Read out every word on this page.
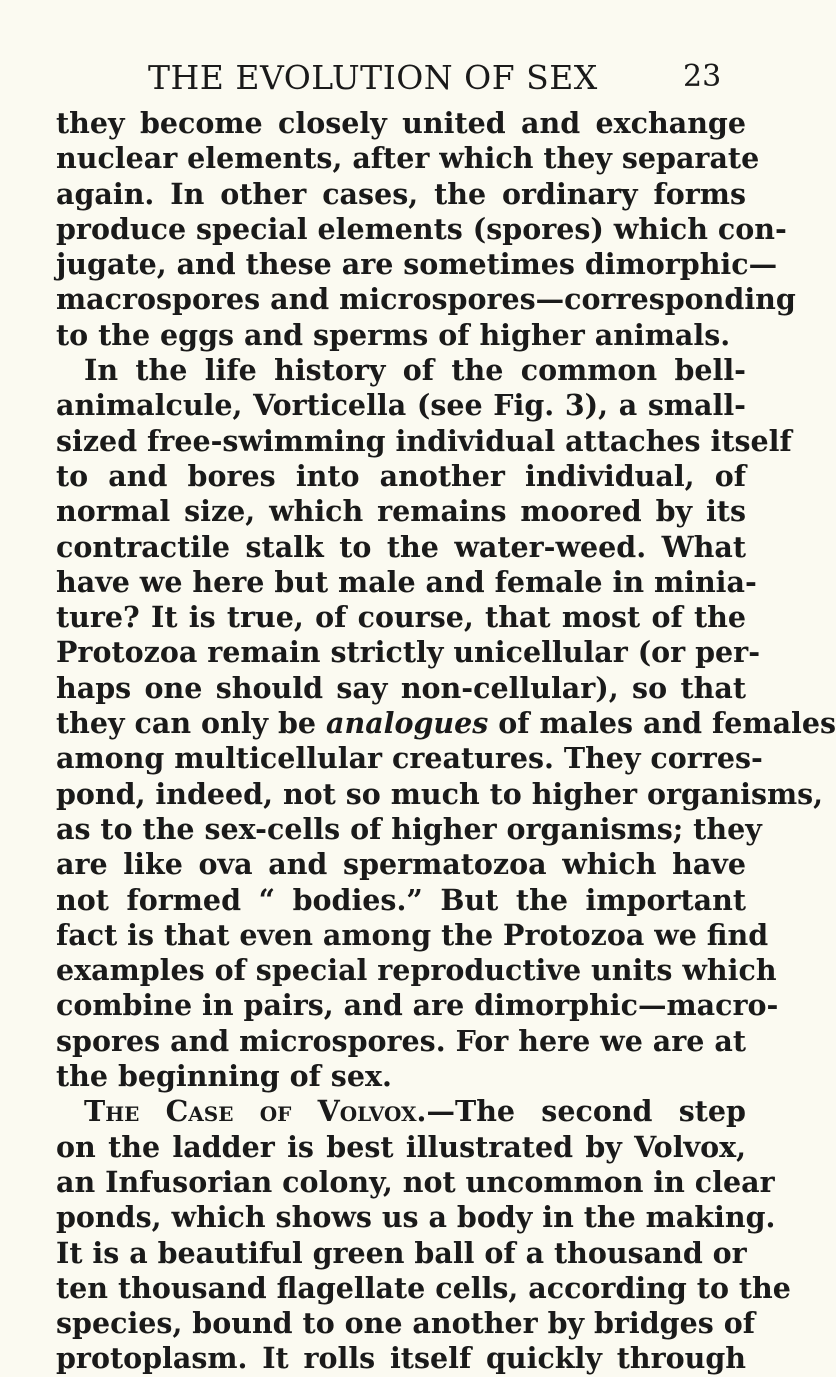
THE EVOLUTION OF SEX	23
they become closely united and exchange
nuclear elements, after which they separate
again. In other cases, the ordinary forms
produce special elements (spores) which con-
jugate, and these are sometimes dimorphic—
macrospores and microspores—corresponding
to the eggs and sperms of higher animals.
In the life history of the common bell-
animalcule, Vorticella (see Fig. 3), a small-
sized free-swimming individual attaches itself
to and bores into another individual, of
normal size, which remains moored by its
contractile stalk to the water-weed. What
have we here but male and female in minia-
ture? It is true, of course, that most of the
Protozoa remain strictly unicellular (or per-
haps one should say non-cellular), so that
they can only be analogues of males and females
among multicellular creatures. They corres-
pond, indeed, not so much to higher organisms,
as to the sex-cells of higher organisms; they
are like ova and spermatozoa which have
not formed “ bodies.” But the important
fact is that even among the Protozoa we find
examples of special reproductive units which
combine in pairs, and are dimorphic—macro-
spores and microspores. For here we are at
the beginning of sex.
The Case of Volvox.—The second step
on the ladder is best illustrated by Volvox,
an Infusorian colony, not uncommon in clear
ponds, which shows us a body in the making.
It is a beautiful green ball of a thousand or
ten thousand flagellate cells, according to the
species, bound to one another by bridges of
protoplasm. It rolls itself quickly through
